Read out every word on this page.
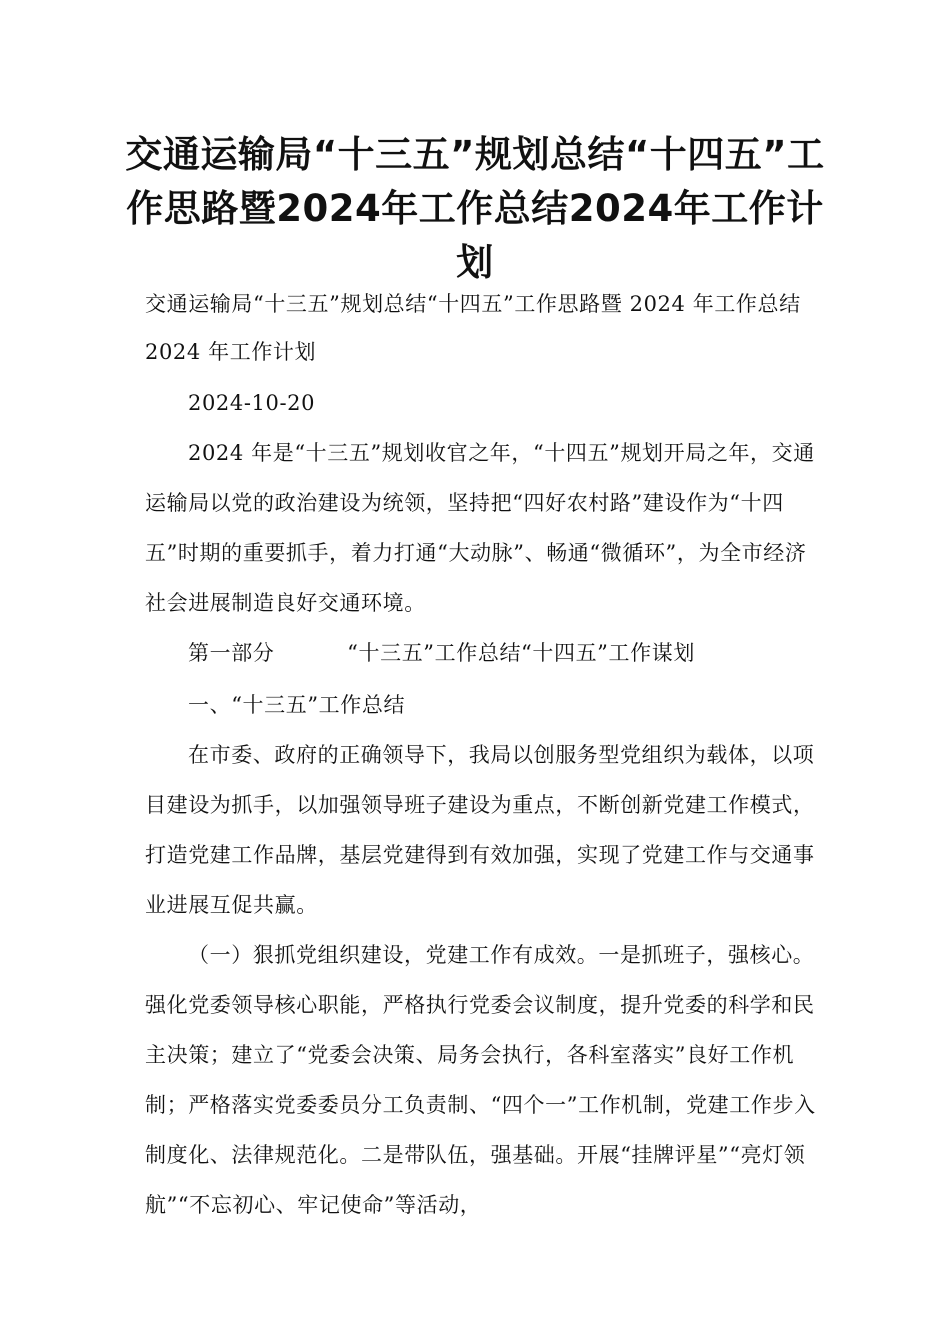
交通运输局“十三五”规划总结“十四五”工作思路暨2024年工作总结2024年工作计划

交通运输局“十三五”规划总结“十四五”工作思路暨 2024 年工作总结 2024 年工作计划

2024-10-20

2024 年是“十三五”规划收官之年，“十四五”规划开局之年，交通运输局以党的政治建设为统领，坚持把“四好农村路”建设作为“十四五”时期的重要抓手，着力打通“大动脉”、畅通“微循环”，为全市经济社会进展制造良好交通环境。

第一部分	“十三五”工作总结“十四五”工作谋划

一、“十三五”工作总结

在市委、政府的正确领导下，我局以创服务型党组织为载体，以项目建设为抓手，以加强领导班子建设为重点，不断创新党建工作模式，打造党建工作品牌，基层党建得到有效加强，实现了党建工作与交通事业进展互促共赢。

（一）狠抓党组织建设，党建工作有成效。一是抓班子，强核心。强化党委领导核心职能，严格执行党委会议制度，提升党委的科学和民主决策；建立了“党委会决策、局务会执行，各科室落实”良好工作机制；严格落实党委委员分工负责制、“四个一”工作机制，党建工作步入制度化、法律规范化。二是带队伍，强基础。开展“挂牌评星”“亮灯领航”“不忘初心、牢记使命”等活动，
